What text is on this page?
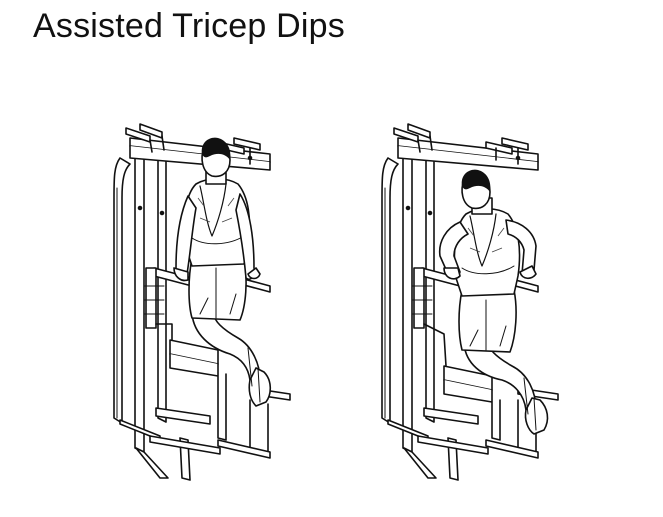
Assisted Tricep Dips
